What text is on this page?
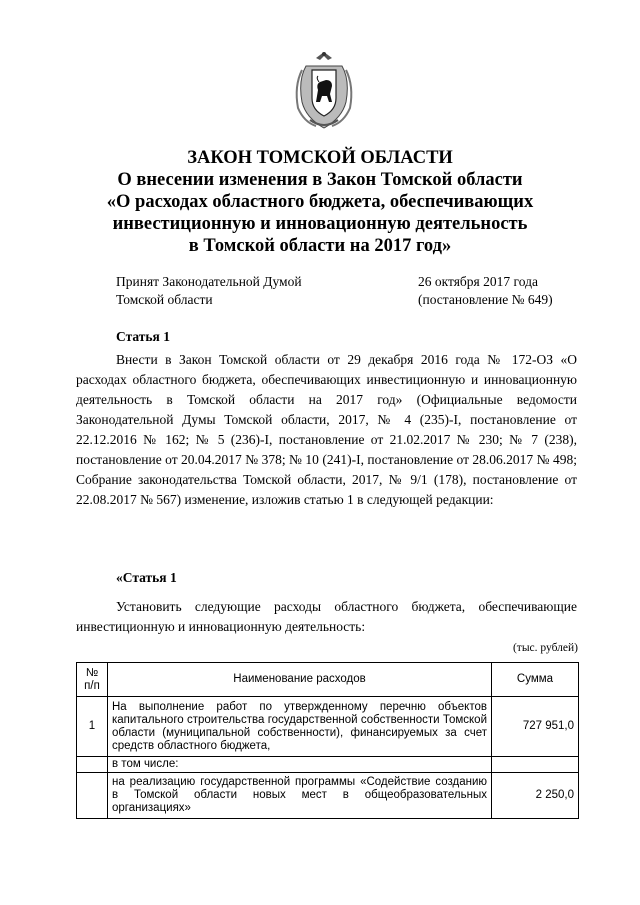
ЗАКОН ТОМСКОЙ ОБЛАСТИ
О внесении изменения в Закон Томской области
«О расходах областного бюджета, обеспечивающих
инвестиционную и инновационную деятельность
в Томской области на 2017 год»
Принят Законодательной Думой
Томской области
26 октября 2017 года
(постановление № 649)
Статья 1
Внести в Закон Томской области от 29 декабря 2016 года № 172-ОЗ «О расходах областного бюджета, обеспечивающих инвестиционную и инновационную деятельность в Томской области на 2017 год» (Официальные ведомости Законодательной Думы Томской области, 2017, № 4 (235)-I, постановление от 22.12.2016 № 162; № 5 (236)-I, постановление от 21.02.2017 № 230; № 7 (238), постановление от 20.04.2017 № 378; № 10 (241)-I, постановление от 28.06.2017 № 498; Собрание законодательства Томской области, 2017, № 9/1 (178), постановление от 22.08.2017 № 567) изменение, изложив статью 1 в следующей редакции:
«Статья 1
Установить следующие расходы областного бюджета, обеспечивающие инвестиционную и инновационную деятельность:
(тыс. рублей)
№ п/п	Наименование расходов	Сумма
1	На выполнение работ по утвержденному перечню объектов капитального строительства государственной собственности Томской области (муниципальной собственности), финансируемых за счет средств областного бюджета,	727 951,0
	в том числе:	
	на реализацию государственной программы «Содействие созданию в Томской области новых мест в общеобразовательных организациях»	2 250,0
